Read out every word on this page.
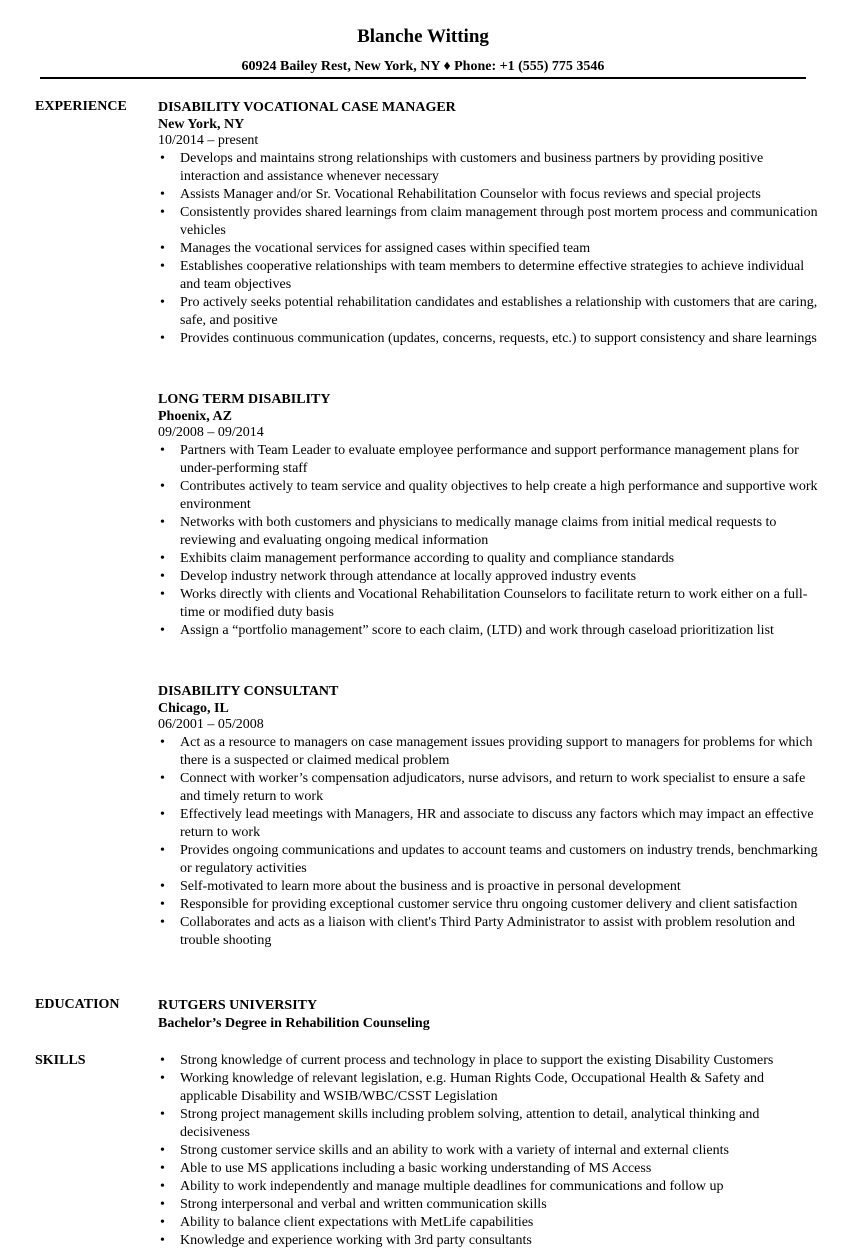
Blanche Witting
60924 Bailey Rest, New York, NY ♦ Phone: +1 (555) 775 3546
EXPERIENCE DISABILITY VOCATIONAL CASE MANAGER
New York, NY
10/2014 – present
• Develops and maintains strong relationships with customers and business partners by providing positive interaction and assistance whenever necessary
• Assists Manager and/or Sr. Vocational Rehabilitation Counselor with focus reviews and special projects
• Consistently provides shared learnings from claim management through post mortem process and communication vehicles
• Manages the vocational services for assigned cases within specified team
• Establishes cooperative relationships with team members to determine effective strategies to achieve individual and team objectives
• Pro actively seeks potential rehabilitation candidates and establishes a relationship with customers that are caring, safe, and positive
• Provides continuous communication (updates, concerns, requests, etc.) to support consistency and share learnings
LONG TERM DISABILITY
Phoenix, AZ
09/2008 – 09/2014
• Partners with Team Leader to evaluate employee performance and support performance management plans for under-performing staff
• Contributes actively to team service and quality objectives to help create a high performance and supportive work environment
• Networks with both customers and physicians to medically manage claims from initial medical requests to reviewing and evaluating ongoing medical information
• Exhibits claim management performance according to quality and compliance standards
• Develop industry network through attendance at locally approved industry events
• Works directly with clients and Vocational Rehabilitation Counselors to facilitate return to work either on a full-time or modified duty basis
• Assign a “portfolio management” score to each claim, (LTD) and work through caseload prioritization list
DISABILITY CONSULTANT
Chicago, IL
06/2001 – 05/2008
• Act as a resource to managers on case management issues providing support to managers for problems for which there is a suspected or claimed medical problem
• Connect with worker’s compensation adjudicators, nurse advisors, and return to work specialist to ensure a safe and timely return to work
• Effectively lead meetings with Managers, HR and associate to discuss any factors which may impact an effective return to work
• Provides ongoing communications and updates to account teams and customers on industry trends, benchmarking or regulatory activities
• Self-motivated to learn more about the business and is proactive in personal development
• Responsible for providing exceptional customer service thru ongoing customer delivery and client satisfaction
• Collaborates and acts as a liaison with client's Third Party Administrator to assist with problem resolution and trouble shooting
EDUCATION	RUTGERS UNIVERSITY
Bachelor’s Degree in Rehabilition Counseling
SKILLS
•	Strong knowledge of current process and technology in place to support the existing Disability Customers
• Working knowledge of relevant legislation, e.g. Human Rights Code, Occupational Health & Safety and applicable Disability and WSIB/WBC/CSST Legislation
• Strong project management skills including problem solving, attention to detail, analytical thinking and decisiveness
• Strong customer service skills and an ability to work with a variety of internal and external clients
• Able to use MS applications including a basic working understanding of MS Access
• Ability to work independently and manage multiple deadlines for communications and follow up
• Strong interpersonal and verbal and written communication skills
• Ability to balance client expectations with MetLife capabilities
• Knowledge and experience working with 3rd party consultants
